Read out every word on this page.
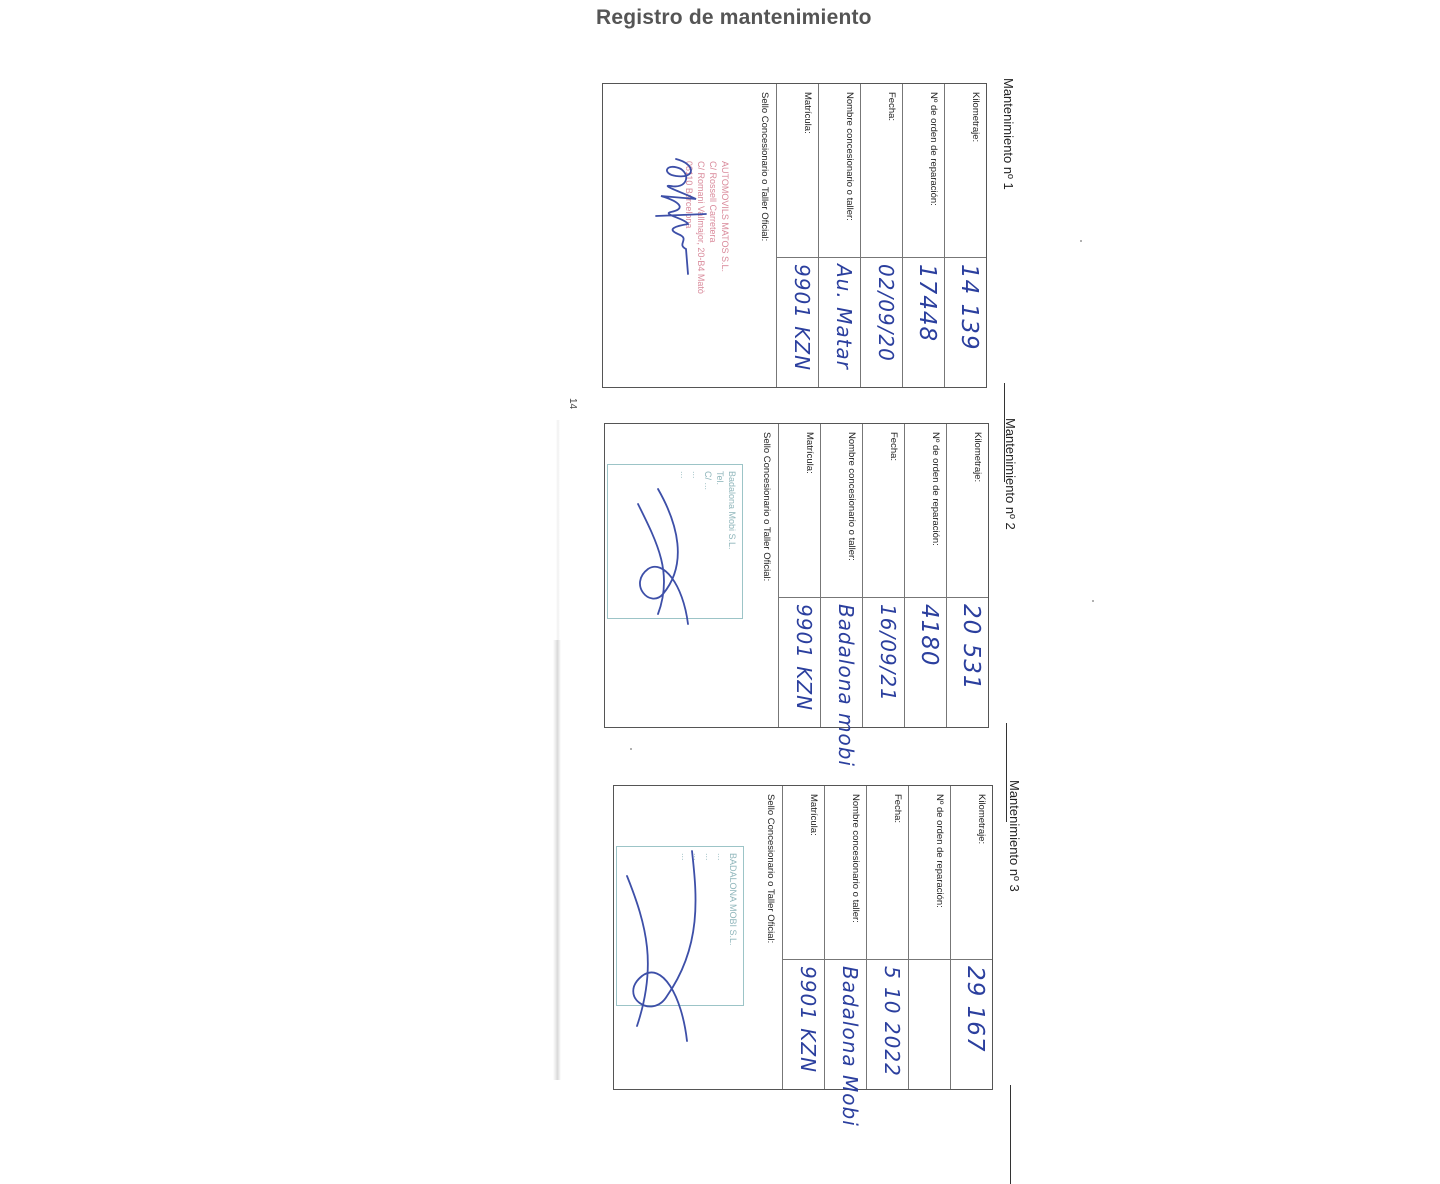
Registro de mantenimiento
14
Mantenimiento nº 1
Kilometraje:
14 139
Nº de orden de reparación:
17448
Fecha:
02/09/20
Nombre concesionario o taller:
Au. Matar
Matrícula:
9901 KZN
Sello Concesionario o Taller Oficial:
AUTOMOVILS MATOS S.L.
C/ Rossell Carretera
C/ Romani Vallmajor, 20-B4 Matò
08110 Barcelona
Mantenimiento nº 2
Kilometraje:
20 531
Nº de orden de reparación:
4180
Fecha:
16/09/21
Nombre concesionario o taller:
Badalona mobi
Matrícula:
9901 KZN
Sello Concesionario o Taller Oficial:
Badalona Mobi S.L.
Tel.
C/ ...
...
...
Mantenimiento nº 3
Kilometraje:
29 167
Nº de orden de reparación:
Fecha:
5 10 2022
Nombre concesionario o taller:
Badalona Mobi
Matrícula:
9901 KZN
Sello Concesionario o Taller Oficial:
BADALONA MOBI S.L.
...
...
...
...
